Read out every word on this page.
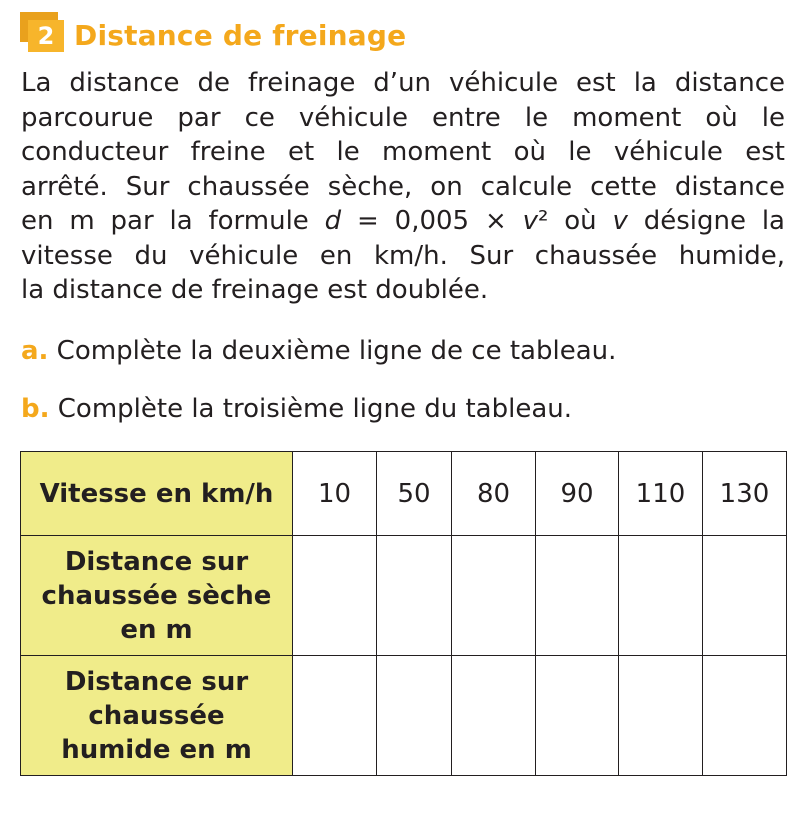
2 Distance de freinage

La distance de freinage d’un véhicule est la distance
parcourue par ce véhicule entre le moment où le
conducteur freine et le moment où le véhicule est
arrêté. Sur chaussée sèche, on calcule cette distance
en m par la formule d = 0,005 × v² où v désigne la
vitesse du véhicule en km/h. Sur chaussée humide,
la distance de freinage est doublée.

a. Complète la deuxième ligne de ce tableau.

b. Complète la troisième ligne du tableau.

Vitesse en km/h	10	50	80	90	110	130

Distance sur
chaussée sèche
en m						

Distance sur
chaussée
humide en m						
